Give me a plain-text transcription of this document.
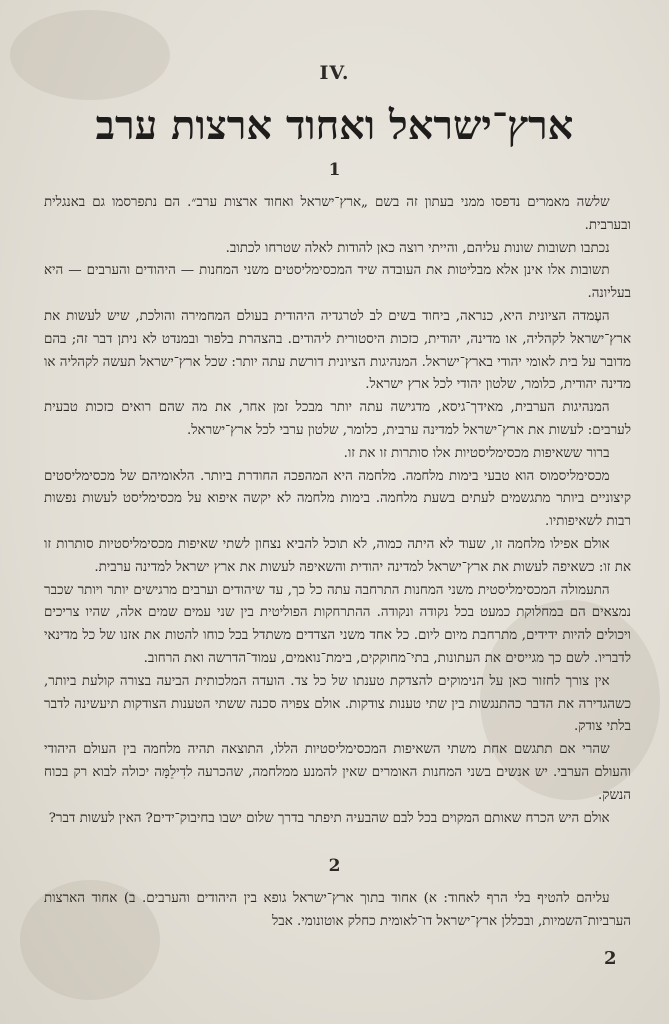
IV.
ארץ־ישראל ואחוד ארצות ערב
1

שלשה מאמרים נדפסו ממני בעתון זה בשם „ארץ־ישראל ואחוד ארצות ערב״. הם נתפרסמו גם באנגלית ובערבית.

נכתבו תשובות שונות עליהם, והייתי רוצה כאן להודות לאלה שטרחו לכתוב.

תשובות אלו אינן אלא מבליטות את העובדה שיד המכסימליסטים משני המחנות — היהודים והערבים — היא בעליונה.

העֶמדה הציונית היא, כנראה, ביחוד בשים לב לטרגדיה היהודית בעולם המחמירה והולכת, שיש לעשות את ארץ־ישראל לקהליה, או מדינה, יהודית, כזכות היסטורית ליהודים. בהצהרת בלפור ובמנדט לא ניתן דבר זה; בהם מדובר על בית לאומי יהודי בארץ־ישראל. המנהיגות הציונית דורשת עתה יותר: שכל ארץ־ישראל תעשה לקהליה או מדינה יהודית, כלומר, שלטון יהודי לכל ארץ ישראל.

המנהיגות הערבית, מאידך־גיסא, מדגישה עתה יותר מבכל זמן אחר, את מה שהם רואים כזכות טבעית לערבים: לעשות את ארץ־ישראל למדינה ערבית, כלומר, שלטון ערבי לכל ארץ־ישראל.

ברור ששאיפות מכסימליסטיות אלו סותרות זו את זו.

מכסימליסמוס הוא טבעי בימות מלחמה. מלחמה היא המהפכה החודרת ביותר. הלאומיהם של מכסימליסטים קיצוניים ביותר מתגשמים לעתים בשעת מלחמה. בימות מלחמה לא יקשה איפוא על מכסימליסט לעשות נפשות רבות לשאיפותיו.

אולם אפילו מלחמה זו, שעוד לא היתה כמוה, לא תוכל להביא נצחון לשתי שאיפות מכסימליסטיות סותרות זו את זו: כשאיפה לעשות את ארץ־ישראל למדינה יהודית והשאיפה לעשות את ארץ ישראל למדינה ערבית.

התעמולה המכסימליסטית משני המחנות התרחבה עתה כל כך, עד שיהודים וערבים מרגישים יותר ויותר שכבר נמצאים הם במחלוקת כמעט בכל נקודה ונקודה. ההתרחקות הפוליטית בין שני עמים שמים אלה, שהיו צריכים ויכולים להיות ידידים, מתרחבת מיום ליום. כל אחד משני הצדדים משתדל בכל כוחו להטות את אזנו של כל מדינאי לדבריו. לשם כך מגייסים את העתונות, בתי־מחוקקים, בימת־נואמים, עמוד־הדרשה ואת הרחוב.

אין צורך לחזור כאן על הנימוקים להצדקת טענתו של כל צד. הועדה המלכותית הביעה בצורה קולעת ביותר, כשהגדירה את הדבר כהתנגשות בין שתי טענות צודקות. אולם צפויה סכנה ששתי הטענות הצודקות תיעשינה לדבר בלתי צודק.

שהרי אם תתגשם אחת משתי השאיפות המכסימליסטיות הללו, התוצאה תהיה מלחמה בין העולם היהודי והעולם הערבי. יש אנשים בשני המחנות האומרים שאין להמנע ממלחמה, שהכרעה לדִילֵמָּה יכולה לבוא רק בכוח הנשק.

אולם היש הכרח שאותם המקוים בכל לבם שהבעיה תיפתר בדרך שלום ישבו בחיבוק־ידים? האין לעשות דבר?

2

עליהם להטיף בלי הרף לאחוד: א) אחוד בתוך ארץ־ישראל גופא בין היהודים והערבים. ב) אחוד הארצות הערביות־השמיות, ובכללן ארץ־ישראל דו־לאומית כחלק אוטונומי. אבל

2
